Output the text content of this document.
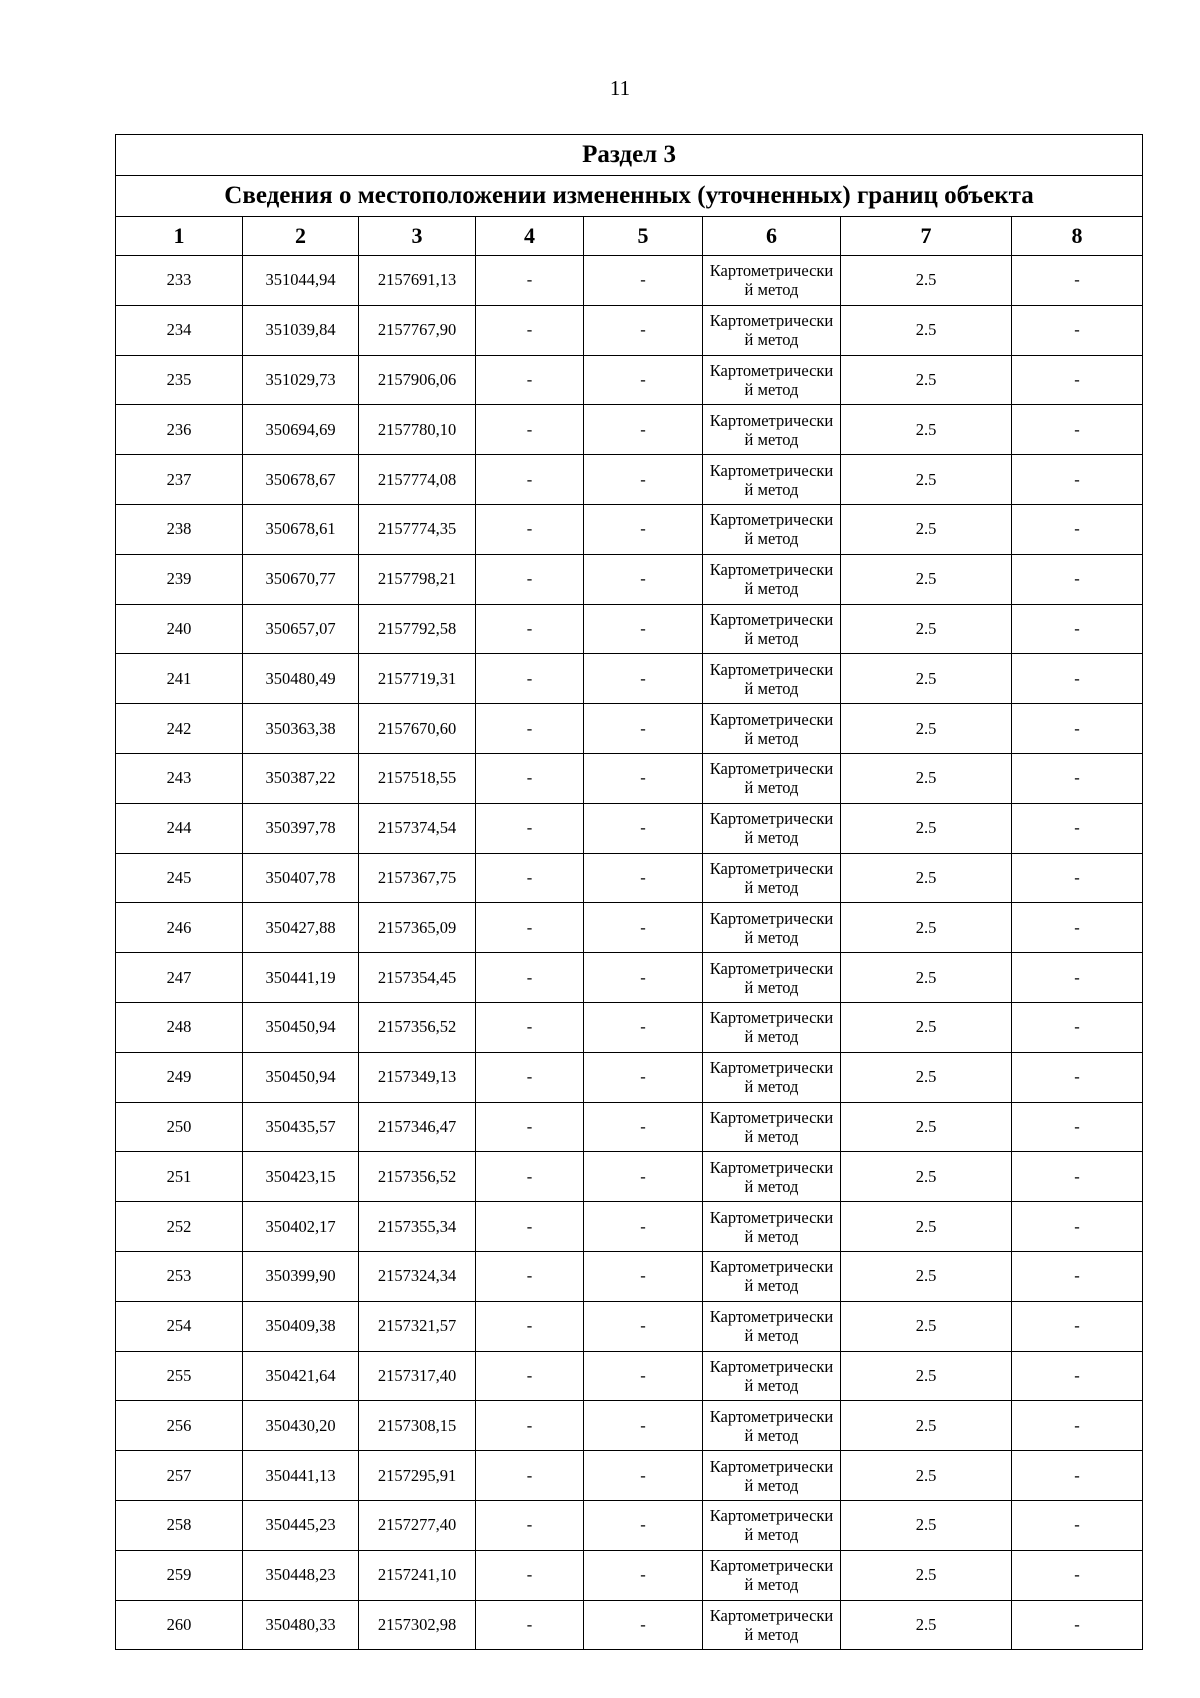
11
Раздел 3							
Сведения о местоположении измененных (уточненных) границ объекта							
1	2	3	4	5	6	7	8
233	351044,94	2157691,13	-	-	Картометрический метод	2.5	-
234	351039,84	2157767,90	-	-	Картометрический метод	2.5	-
235	351029,73	2157906,06	-	-	Картометрический метод	2.5	-
236	350694,69	2157780,10	-	-	Картометрический метод	2.5	-
237	350678,67	2157774,08	-	-	Картометрический метод	2.5	-
238	350678,61	2157774,35	-	-	Картометрический метод	2.5	-
239	350670,77	2157798,21	-	-	Картометрический метод	2.5	-
240	350657,07	2157792,58	-	-	Картометрический метод	2.5	-
241	350480,49	2157719,31	-	-	Картометрический метод	2.5	-
242	350363,38	2157670,60	-	-	Картометрический метод	2.5	-
243	350387,22	2157518,55	-	-	Картометрический метод	2.5	-
244	350397,78	2157374,54	-	-	Картометрический метод	2.5	-
245	350407,78	2157367,75	-	-	Картометрический метод	2.5	-
246	350427,88	2157365,09	-	-	Картометрический метод	2.5	-
247	350441,19	2157354,45	-	-	Картометрический метод	2.5	-
248	350450,94	2157356,52	-	-	Картометрический метод	2.5	-
249	350450,94	2157349,13	-	-	Картометрический метод	2.5	-
250	350435,57	2157346,47	-	-	Картометрический метод	2.5	-
251	350423,15	2157356,52	-	-	Картометрический метод	2.5	-
252	350402,17	2157355,34	-	-	Картометрический метод	2.5	-
253	350399,90	2157324,34	-	-	Картометрический метод	2.5	-
254	350409,38	2157321,57	-	-	Картометрический метод	2.5	-
255	350421,64	2157317,40	-	-	Картометрический метод	2.5	-
256	350430,20	2157308,15	-	-	Картометрический метод	2.5	-
257	350441,13	2157295,91	-	-	Картометрический метод	2.5	-
258	350445,23	2157277,40	-	-	Картометрический метод	2.5	-
259	350448,23	2157241,10	-	-	Картометрический метод	2.5	-
260	350480,33	2157302,98	-	-	Картометрический метод	2.5	-
